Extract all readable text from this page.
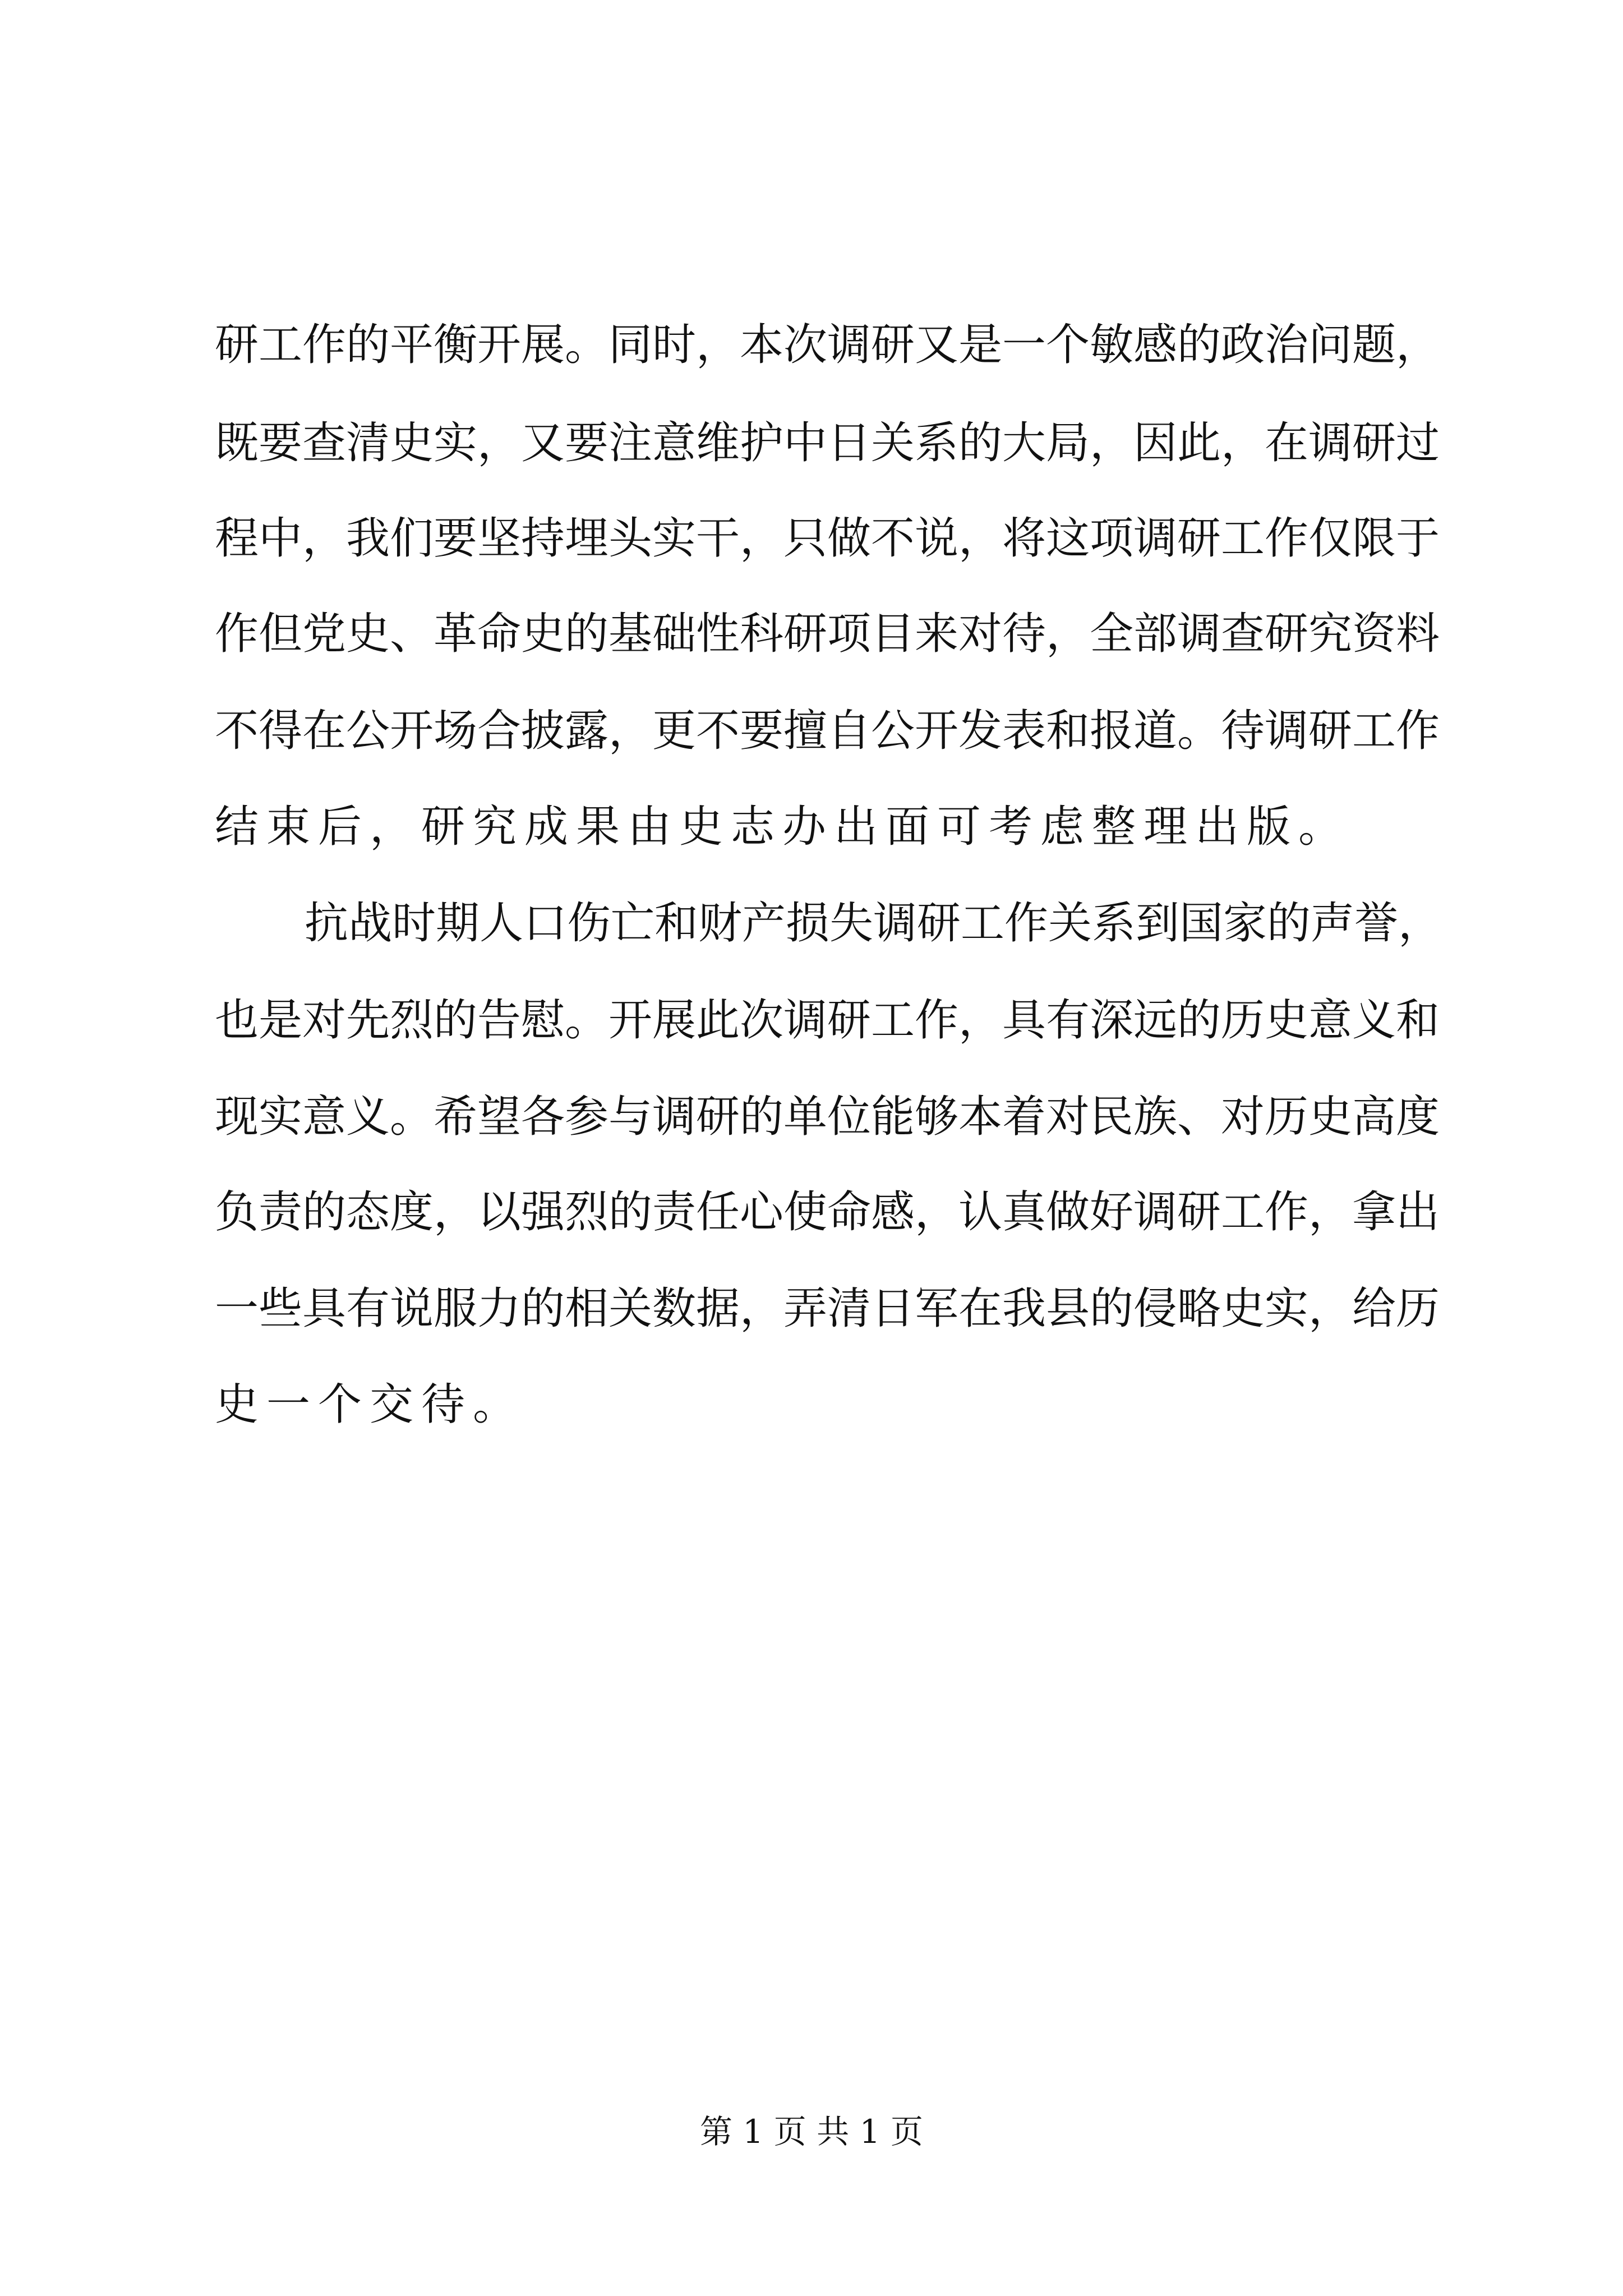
研工作的平衡开展。同时，本次调研又是一个敏感的政治问题，
既要查清史实，又要注意维护中日关系的大局，因此，在调研过
程中，我们要坚持埋头实干，只做不说，将这项调研工作仅限于
作但党史、革命史的基础性科研项目来对待，全部调查研究资料
不得在公开场合披露，更不要擅自公开发表和报道。待调研工作
结束后，研究成果由史志办出面可考虑整理出版。
抗战时期人口伤亡和财产损失调研工作关系到国家的声誉，
也是对先烈的告慰。开展此次调研工作，具有深远的历史意义和
现实意义。希望各参与调研的单位能够本着对民族、对历史高度
负责的态度，以强烈的责任心使命感，认真做好调研工作，拿出
一些具有说服力的相关数据，弄清日军在我县的侵略史实，给历
史一个交待。
第 1 页 共 1 页
